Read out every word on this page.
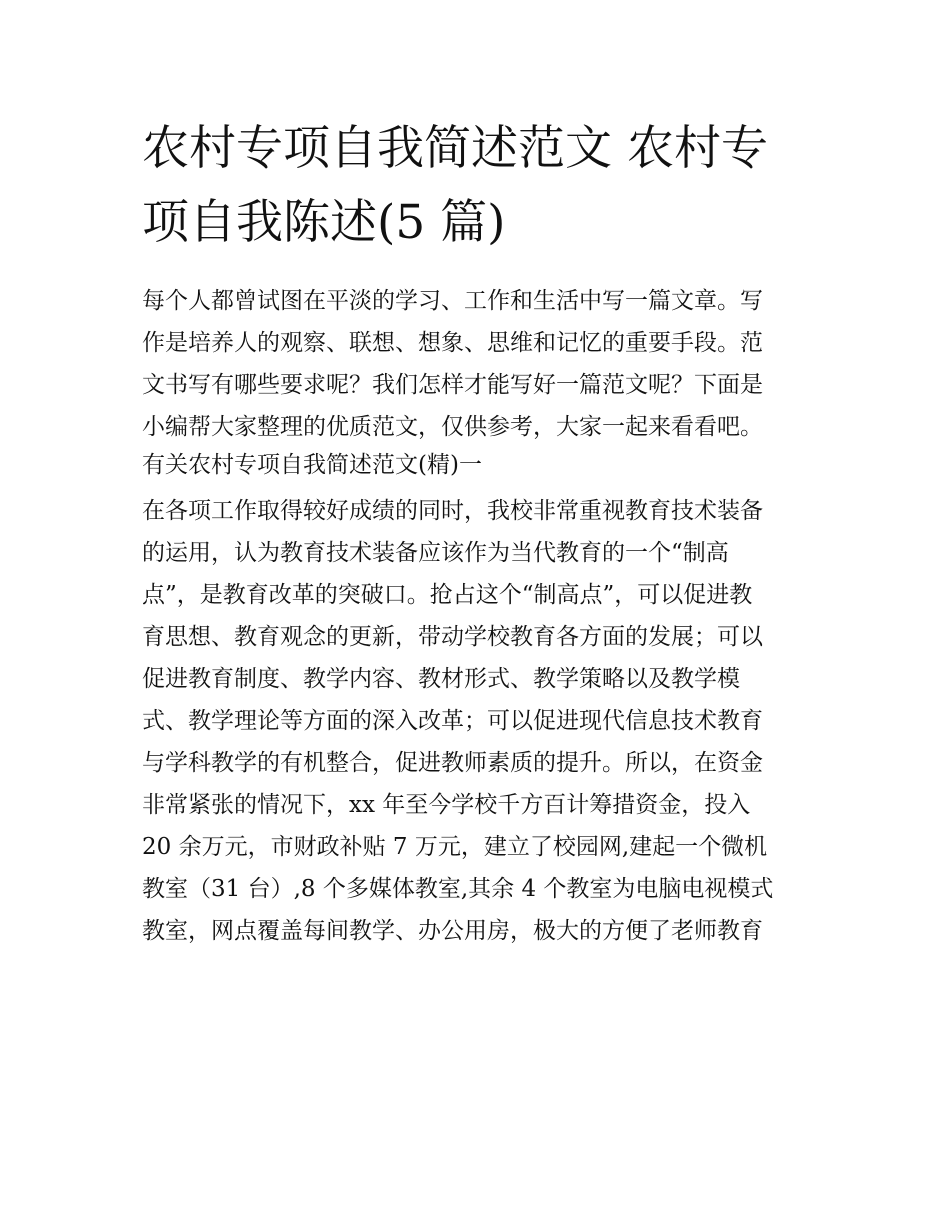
农村专项自我简述范文 农村专
项自我陈述(5 篇)
每个人都曾试图在平淡的学习、工作和生活中写一篇文章。写
作是培养人的观察、联想、想象、思维和记忆的重要手段。范
文书写有哪些要求呢？我们怎样才能写好一篇范文呢？下面是
小编帮大家整理的优质范文，仅供参考，大家一起来看看吧。
有关农村专项自我简述范文(精)一
在各项工作取得较好成绩的同时，我校非常重视教育技术装备
的运用，认为教育技术装备应该作为当代教育的一个“制高
点”，是教育改革的突破口。抢占这个“制高点”，可以促进教
育思想、教育观念的更新，带动学校教育各方面的发展；可以
促进教育制度、教学内容、教材形式、教学策略以及教学模
式、教学理论等方面的深入改革；可以促进现代信息技术教育
与学科教学的有机整合，促进教师素质的提升。所以，在资金
非常紧张的情况下，xx 年至今学校千方百计筹措资金，投入
20 余万元，市财政补贴 7 万元，建立了校园网,建起一个微机
教室（31 台）,8 个多媒体教室,其余 4 个教室为电脑电视模式
教室，网点覆盖每间教学、办公用房，极大的方便了老师教育
